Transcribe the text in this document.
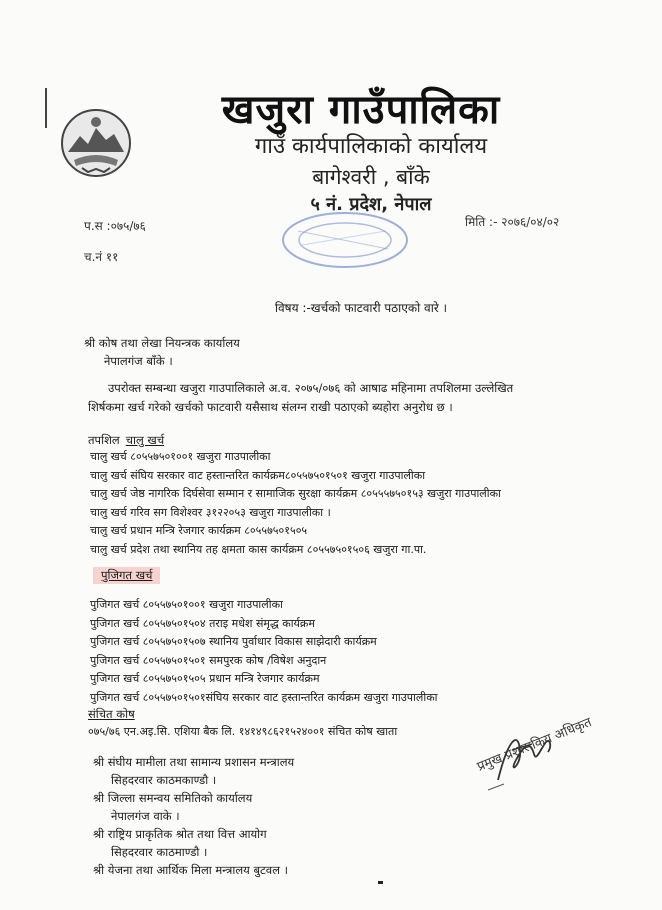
खजुरा गाउँपालिका
गाउँ कार्यपालिकाको कार्यालय
बागेश्वरी , बाँके
५ नं. प्रदेश, नेपाल
प.स :०७५/७६
च.नं ११
मिति :- २०७६/०४/०२
विषय :-खर्चको फाटवारी पठाएको वारे ।
श्री कोष तथा लेखा नियन्त्रक कार्यालय
नेपालगंज बाँके ।
उपरोक्त सम्बन्धा खजुरा गाउपालिकाले अ.व. २०७५/०७६ को आषाढ महिनामा तपशिलमा उल्लेखित
शिर्षकमा खर्च गरेको खर्चको फाटवारी यसैसाथ संलग्न राखी पठाएको ब्यहोरा अनुरोध छ ।
तपशिल चालु खर्च
चालु खर्च ८०५५७५०१००१ खजुरा गाउपालीका
चालु खर्च संघिय सरकार वाट हस्तान्तरित कार्यक्रम८०५५७५०१५०१ खजुरा गाउपालीका
चालु खर्च जेष्ठ नागरिक दिर्घसेवा सम्मान र सामाजिक सुरक्षा कार्यक्रम ८०५५५७५०१५३ खजुरा गाउपालीका
चालु खर्च गरिव सग विशेश्वर ३१२२०५३ खजुरा गाउपालीका ।
चालु खर्च प्रधान मन्त्रि रेजगार कार्यक्रम ८०५५७५०१५०५
चालु खर्च प्रदेश तथा स्थानिय तह क्षमता कास कार्यक्रम ८०५५७५०१५०६ खजुरा गा.पा.
पुजिगत खर्च
पुजिगत खर्च ८०५५७५०१००१ खजुरा गाउपालीका
पुजिगत खर्च ८०५५७५०१५०४ तराइ मधेश संमृद्ध कार्यक्रम
पुजिगत खर्च ८०५५७५०१५०७ स्थानिय पुर्वाधार विकास साझेदारी कार्यक्रम
पुजिगत खर्च ८०५५७५०१५०१ समपुरक कोष /विषेश अनुदान
पुजिगत खर्च ८०५५७५०१५०५ प्रधान मन्त्रि रेजगार कार्यक्रम
पुजिगत खर्च ८०५५७५०१५०१संघिय सरकार वाट हस्तान्तरित कार्यक्रम खजुरा गाउपालीका
संचित कोष
०७५/७६ एन.अइ.सि. एशिया बैक लि. १४१४९८६२१५२४००१ संचित कोष खाता
श्री संघीय मामीला तथा सामान्य प्रशासन मन्त्रालय
सिहदरवार काठमकाण्डौ ।
श्री जिल्ला समन्वय समितिको कार्यालय
नेपालगंज वाके ।
श्री राष्ट्रिय प्राकृतिक श्रोत तथा वित्त आयोग
सिहदरवार काठमाण्डौ ।
श्री येजना तथा आर्थिक मिला मन्त्रालय बुटवल ।
प्रमुख प्रशासकिय अधिकृत
